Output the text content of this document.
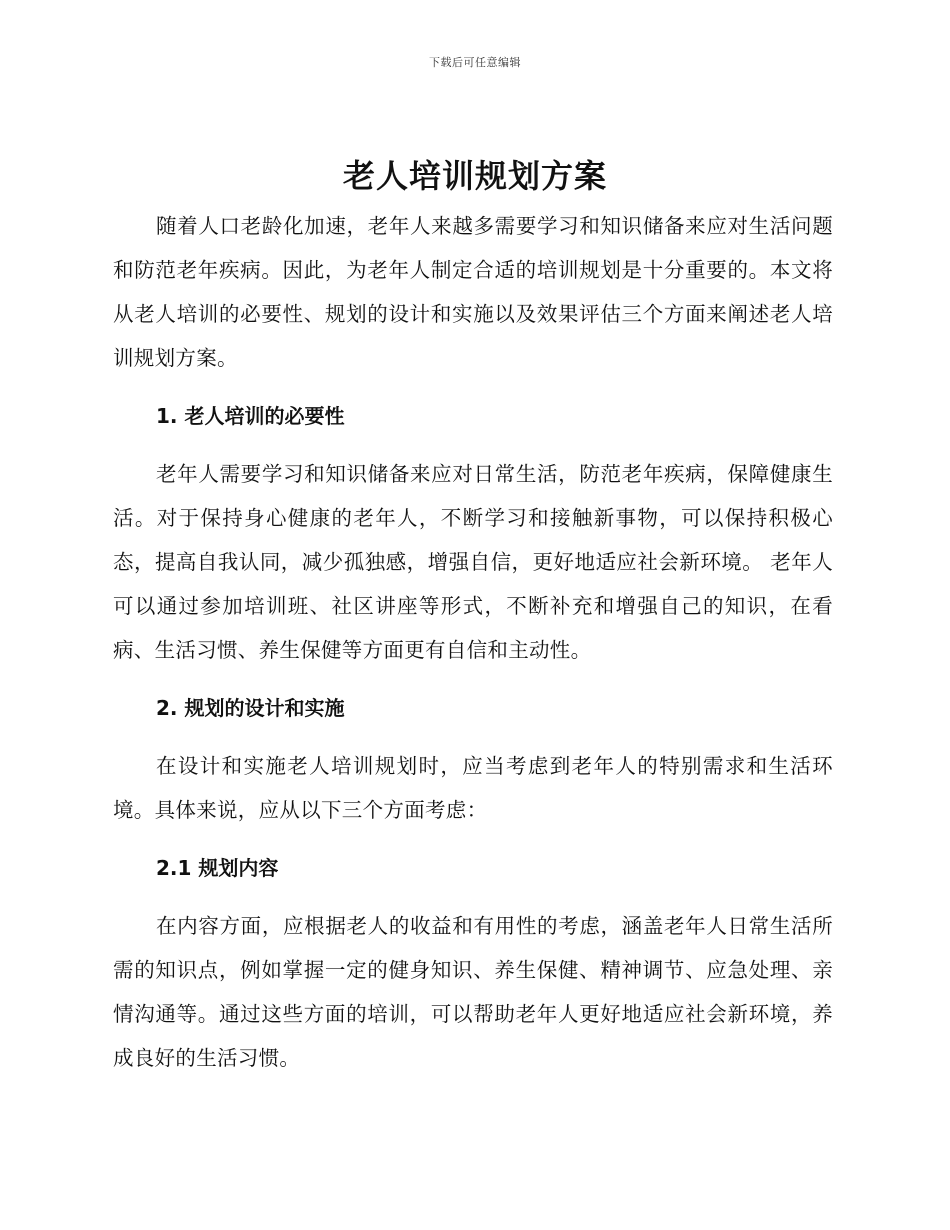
下载后可任意编辑
老人培训规划方案

随着人口老龄化加速，老年人来越多需要学习和知识储备来应对生活问题和防范老年疾病。因此，为老年人制定合适的培训规划是十分重要的。本文将从老人培训的必要性、规划的设计和实施以及效果评估三个方面来阐述老人培训规划方案。

1. 老人培训的必要性

老年人需要学习和知识储备来应对日常生活，防范老年疾病，保障健康生活。对于保持身心健康的老年人，不断学习和接触新事物，可以保持积极心态，提高自我认同，减少孤独感，增强自信，更好地适应社会新环境。 老年人可以通过参加培训班、社区讲座等形式，不断补充和增强自己的知识，在看病、生活习惯、养生保健等方面更有自信和主动性。

2. 规划的设计和实施

在设计和实施老人培训规划时，应当考虑到老年人的特别需求和生活环境。具体来说，应从以下三个方面考虑：

2.1 规划内容

在内容方面，应根据老人的收益和有用性的考虑，涵盖老年人日常生活所需的知识点，例如掌握一定的健身知识、养生保健、精神调节、应急处理、亲情沟通等。通过这些方面的培训，可以帮助老年人更好地适应社会新环境，养成良好的生活习惯。
